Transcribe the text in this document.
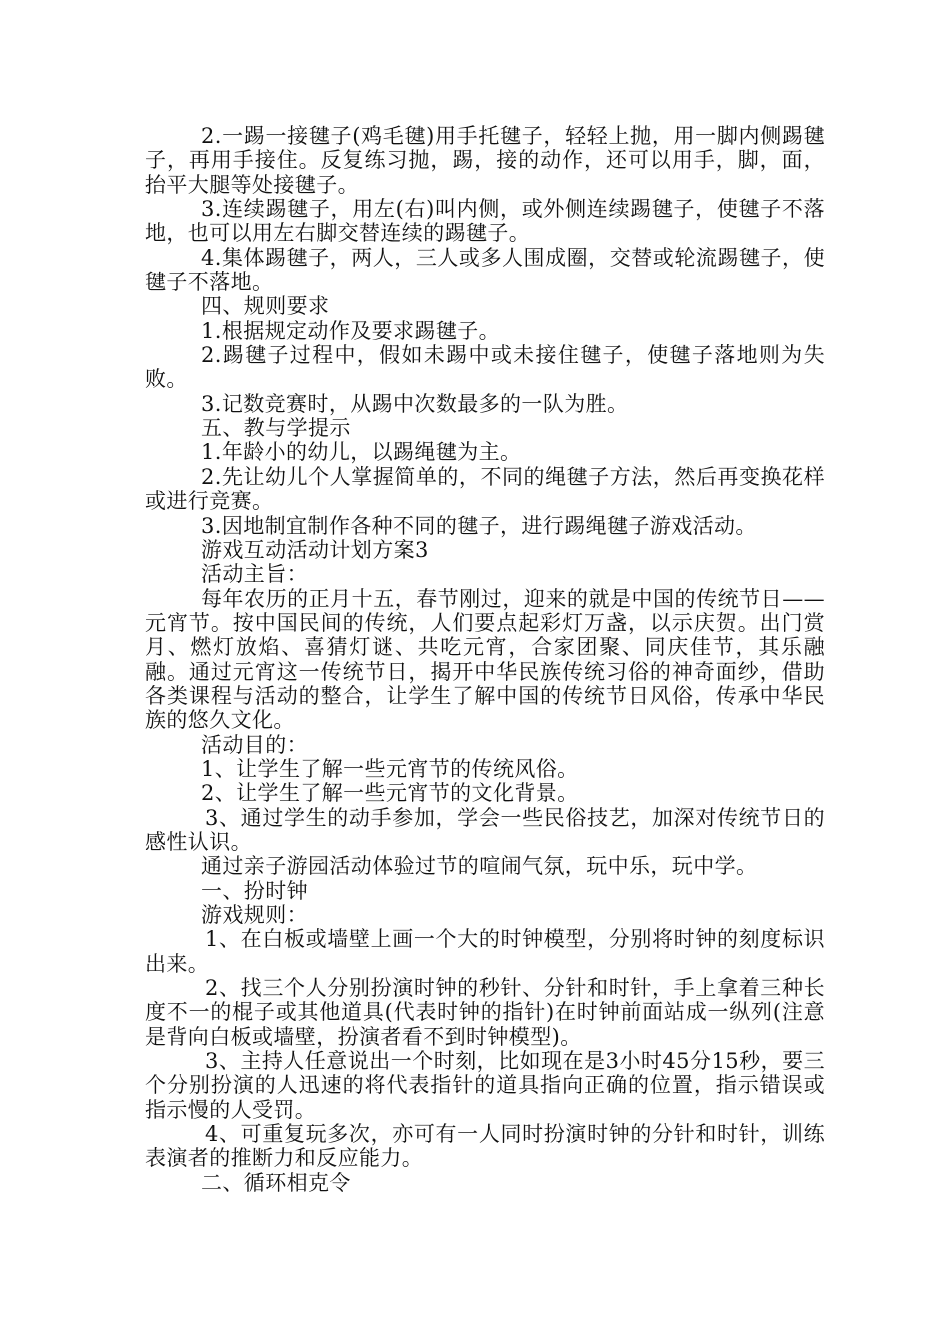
2.一踢一接毽子(鸡毛毽)用手托毽子，轻轻上抛，用一脚内侧踢毽子，再用手接住。反复练习抛，踢，接的动作，还可以用手，脚，面，抬平大腿等处接毽子。

3.连续踢毽子，用左(右)叫内侧，或外侧连续踢毽子，使毽子不落地，也可以用左右脚交替连续的踢毽子。

4.集体踢毽子，两人，三人或多人围成圈，交替或轮流踢毽子，使毽子不落地。

四、规则要求

1.根据规定动作及要求踢毽子。

2.踢毽子过程中，假如未踢中或未接住毽子，使毽子落地则为失败。

3.记数竞赛时，从踢中次数最多的一队为胜。

五、教与学提示

1.年龄小的幼儿，以踢绳毽为主。

2.先让幼儿个人掌握简单的，不同的绳毽子方法，然后再变换花样或进行竞赛。

3.因地制宜制作各种不同的毽子，进行踢绳毽子游戏活动。

游戏互动活动计划方案3

活动主旨：

每年农历的正月十五，春节刚过，迎来的就是中国的传统节日——元宵节。按中国民间的传统，人们要点起彩灯万盏，以示庆贺。出门赏月、燃灯放焰、喜猜灯谜、共吃元宵，合家团聚、同庆佳节，其乐融融。通过元宵这一传统节日，揭开中华民族传统习俗的神奇面纱，借助各类课程与活动的整合，让学生了解中国的传统节日风俗，传承中华民族的悠久文化。

活动目的：

1、让学生了解一些元宵节的传统风俗。

2、让学生了解一些元宵节的文化背景。

3、通过学生的动手参加，学会一些民俗技艺，加深对传统节日的感性认识。

通过亲子游园活动体验过节的喧闹气氛，玩中乐，玩中学。

一、扮时钟

游戏规则：

1、在白板或墙壁上画一个大的时钟模型，分别将时钟的刻度标识出来。

2、找三个人分别扮演时钟的秒针、分针和时针，手上拿着三种长度不一的棍子或其他道具(代表时钟的指针)在时钟前面站成一纵列(注意是背向白板或墙壁，扮演者看不到时钟模型)。

3、主持人任意说出一个时刻，比如现在是3小时45分15秒，要三个分别扮演的人迅速的将代表指针的道具指向正确的位置，指示错误或指示慢的人受罚。

4、可重复玩多次，亦可有一人同时扮演时钟的分针和时针，训练表演者的推断力和反应能力。

二、循环相克令
